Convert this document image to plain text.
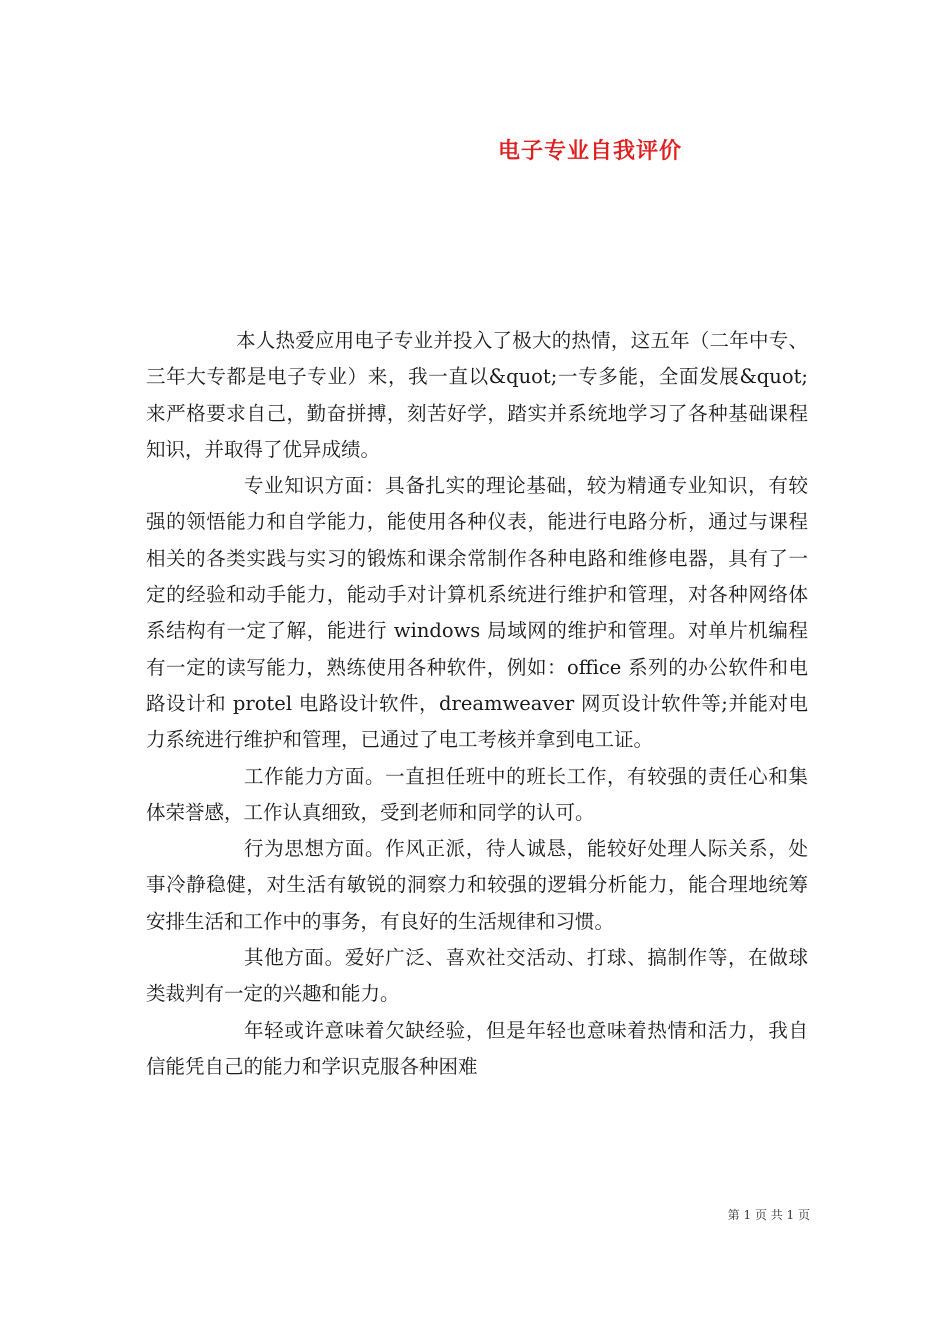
电子专业自我评价

本人热爱应用电子专业并投入了极大的热情，这五年（二年中专、三年大专都是电子专业）来，我一直以&quot;一专多能，全面发展&quot;来严格要求自己，勤奋拼搏，刻苦好学，踏实并系统地学习了各种基础课程知识，并取得了优异成绩。

专业知识方面：具备扎实的理论基础，较为精通专业知识，有较强的领悟能力和自学能力，能使用各种仪表，能进行电路分析，通过与课程相关的各类实践与实习的锻炼和课余常制作各种电路和维修电器，具有了一定的经验和动手能力，能动手对计算机系统进行维护和管理，对各种网络体系结构有一定了解，能进行 windows 局域网的维护和管理。对单片机编程有一定的读写能力，熟练使用各种软件，例如：office 系列的办公软件和电路设计和 protel 电路设计软件，dreamweaver 网页设计软件等;并能对电力系统进行维护和管理，已通过了电工考核并拿到电工证。

工作能力方面。一直担任班中的班长工作，有较强的责任心和集体荣誉感，工作认真细致，受到老师和同学的认可。

行为思想方面。作风正派，待人诚恳，能较好处理人际关系，处事冷静稳健，对生活有敏锐的洞察力和较强的逻辑分析能力，能合理地统筹安排生活和工作中的事务，有良好的生活规律和习惯。

其他方面。爱好广泛、喜欢社交活动、打球、搞制作等，在做球类裁判有一定的兴趣和能力。

年轻或许意味着欠缺经验，但是年轻也意味着热情和活力，我自信能凭自己的能力和学识克服各种困难

第 1 页 共 1 页
